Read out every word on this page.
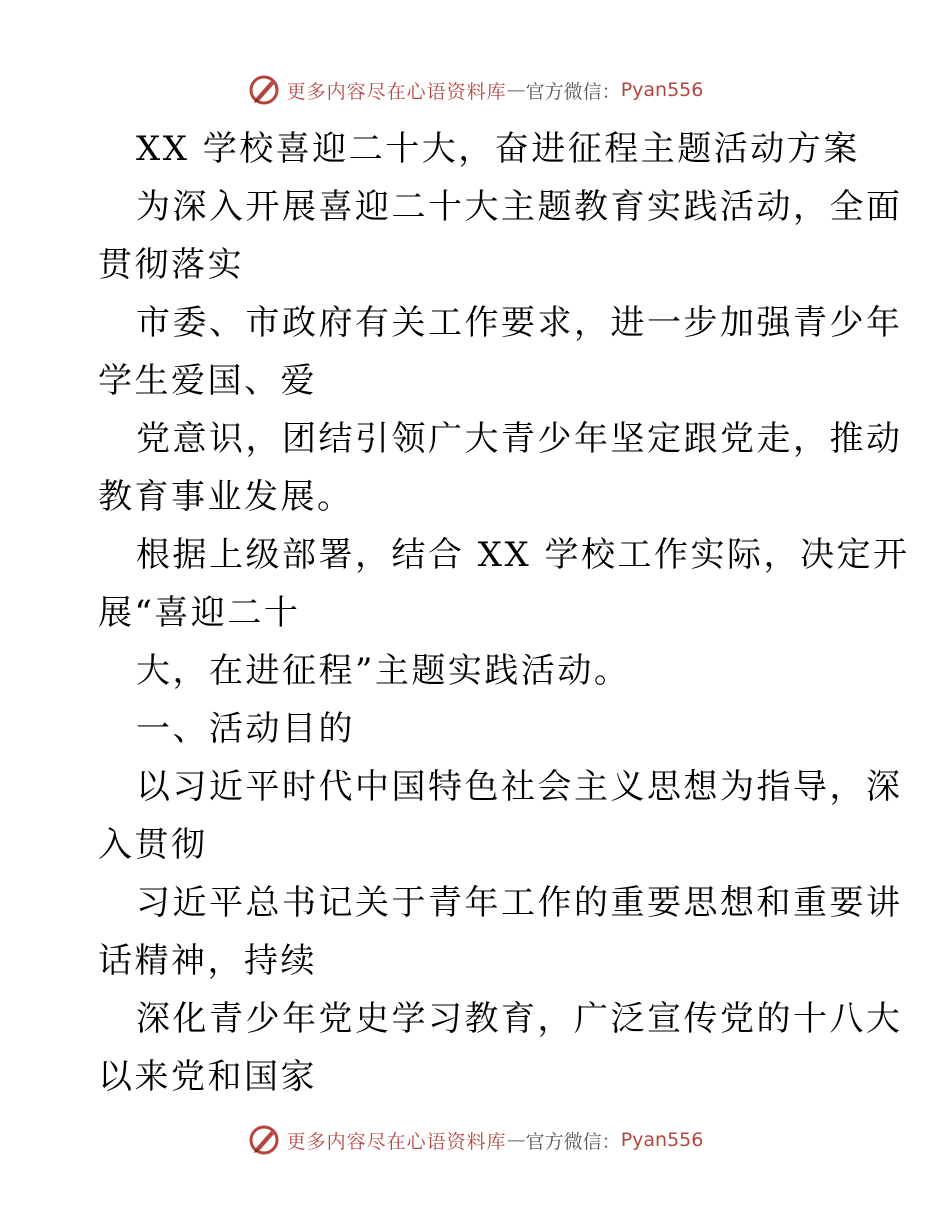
更多内容尽在心语资料库 — 官方微信： Pyan556
XX 学校喜迎二十大，奋进征程主题活动方案
为深入开展喜迎二十大主题教育实践活动，全面
贯彻落实
市委、市政府有关工作要求，进一步加强青少年
学生爱国、爱
党意识，团结引领广大青少年坚定跟党走，推动
教育事业发展。
根据上级部署，结合 XX 学校工作实际，决定开
展“喜迎二十
大，在进征程”主题实践活动。
一、活动目的
以习近平时代中国特色社会主义思想为指导，深
入贯彻
习近平总书记关于青年工作的重要思想和重要讲
话精神，持续
深化青少年党史学习教育，广泛宣传党的十八大
以来党和国家
更多内容尽在心语资料库 — 官方微信： Pyan556
